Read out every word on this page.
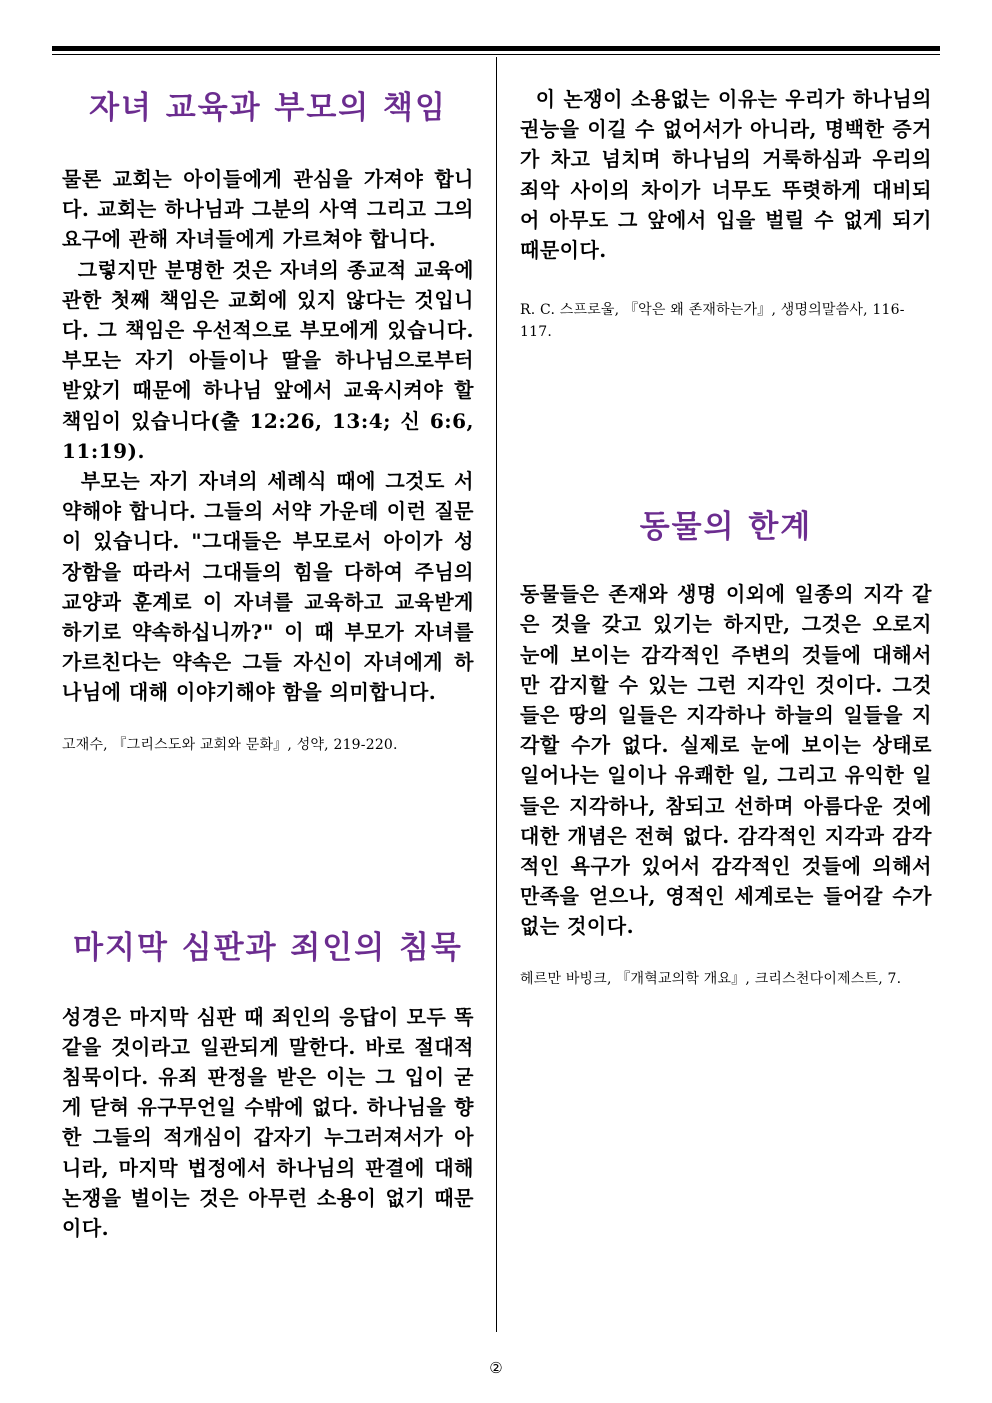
자녀 교육과 부모의 책임

물론 교회는 아이들에게 관심을 가져야 합니다. 교회는 하나님과 그분의 사역 그리고 그의 요구에 관해 자녀들에게 가르쳐야 합니다.

그렇지만 분명한 것은 자녀의 종교적 교육에 관한 첫째 책임은 교회에 있지 않다는 것입니다. 그 책임은 우선적으로 부모에게 있습니다. 부모는 자기 아들이나 딸을 하나님으로부터 받았기 때문에 하나님 앞에서 교육시켜야 할 책임이 있습니다(출 12:26, 13:4; 신 6:6, 11:19).

부모는 자기 자녀의 세례식 때에 그것도 서약해야 합니다. 그들의 서약 가운데 이런 질문이 있습니다. "그대들은 부모로서 아이가 성장함을 따라서 그대들의 힘을 다하여 주님의 교양과 훈계로 이 자녀를 교육하고 교육받게 하기로 약속하십니까?" 이 때 부모가 자녀를 가르친다는 약속은 그들 자신이 자녀에게 하나님에 대해 이야기해야 함을 의미합니다.

고재수, 『그리스도와 교회와 문화』, 성약, 219-220.

마지막 심판과 죄인의 침묵

성경은 마지막 심판 때 죄인의 응답이 모두 똑같을 것이라고 일관되게 말한다. 바로 절대적 침묵이다. 유죄 판정을 받은 이는 그 입이 굳게 닫혀 유구무언일 수밖에 없다. 하나님을 향한 그들의 적개심이 갑자기 누그러져서가 아니라, 마지막 법정에서 하나님의 판결에 대해 논쟁을 벌이는 것은 아무런 소용이 없기 때문이다.

이 논쟁이 소용없는 이유는 우리가 하나님의 권능을 이길 수 없어서가 아니라, 명백한 증거가 차고 넘치며 하나님의 거룩하심과 우리의 죄악 사이의 차이가 너무도 뚜렷하게 대비되어 아무도 그 앞에서 입을 벌릴 수 없게 되기 때문이다.

R. C. 스프로울, 『악은 왜 존재하는가』, 생명의말씀사, 116-117.

동물의 한계

동물들은 존재와 생명 이외에 일종의 지각 같은 것을 갖고 있기는 하지만, 그것은 오로지 눈에 보이는 감각적인 주변의 것들에 대해서만 감지할 수 있는 그런 지각인 것이다. 그것들은 땅의 일들은 지각하나 하늘의 일들을 지각할 수가 없다. 실제로 눈에 보이는 상태로 일어나는 일이나 유쾌한 일, 그리고 유익한 일들은 지각하나, 참되고 선하며 아름다운 것에 대한 개념은 전혀 없다. 감각적인 지각과 감각적인 욕구가 있어서 감각적인 것들에 의해서 만족을 얻으나, 영적인 세계로는 들어갈 수가 없는 것이다.

헤르만 바빙크, 『개혁교의학 개요』, 크리스천다이제스트, 7.

②
